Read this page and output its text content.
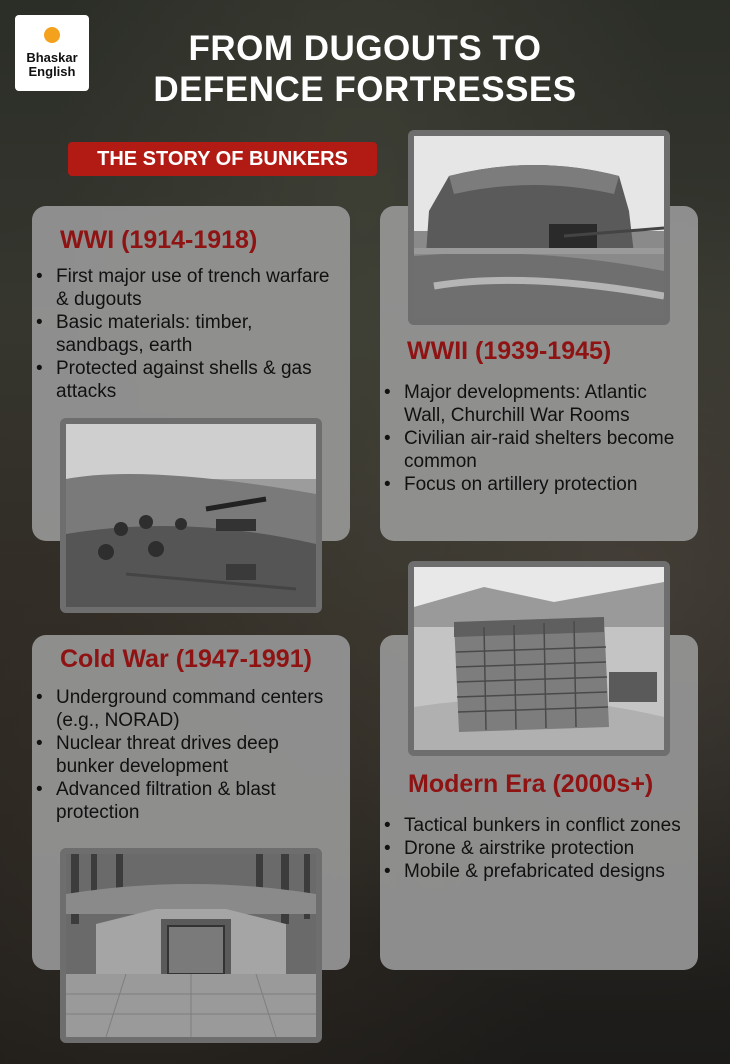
Bhaskar
English
FROM DUGOUTS TO
DEFENCE FORTRESSES
THE STORY OF BUNKERS
WWI (1914-1918)
• First major use of trench warfare & dugouts
• Basic materials: timber, sandbags, earth
• Protected against shells & gas attacks
WWII (1939-1945)
• Major developments: Atlantic Wall, Churchill War Rooms
• Civilian air-raid shelters become common
• Focus on artillery protection
Cold War (1947-1991)
• Underground command centers (e.g., NORAD)
• Nuclear threat drives deep bunker development
• Advanced filtration & blast protection
Modern Era (2000s+)
• Tactical bunkers in conflict zones
• Drone & airstrike protection
• Mobile & prefabricated designs
